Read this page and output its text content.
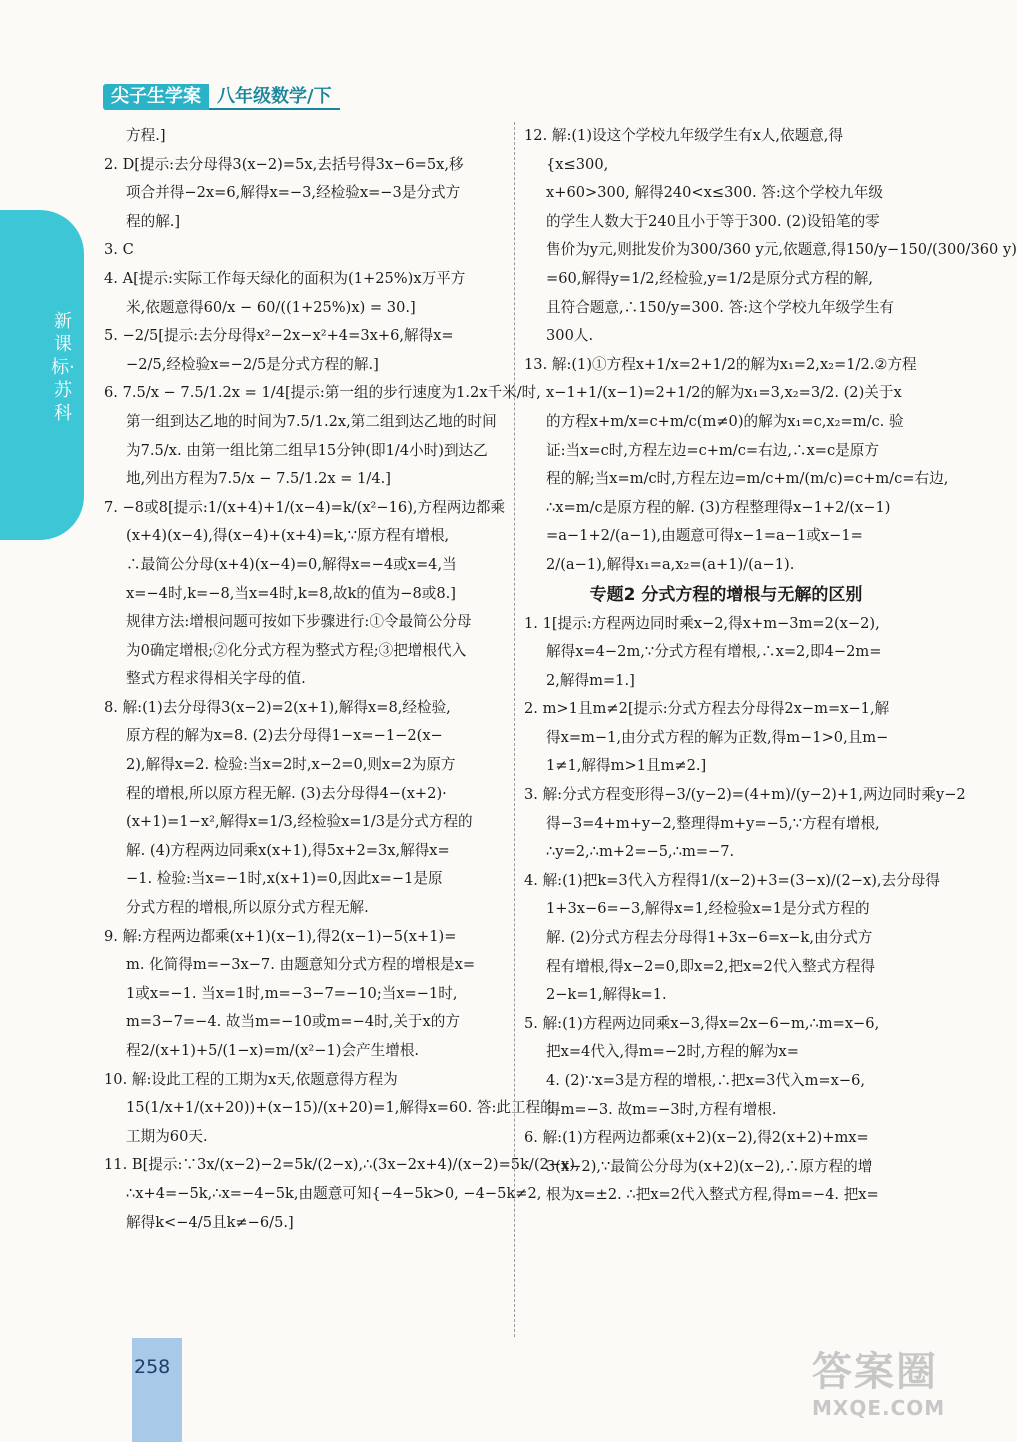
新课标·苏科
尖子生学案 八年级数学/下
方程.]
2. D[提示:去分母得3(x−2)=5x,去括号得3x−6=5x,移
项合并得−2x=6,解得x=−3,经检验x=−3是分式方
程的解.]
3. C
4. A[提示:实际工作每天绿化的面积为(1+25%)x万平方
米,依题意得60/x − 60/((1+25%)x) = 30.]
5. −2/5[提示:去分母得x²−2x−x²+4=3x+6,解得x=
−2/5,经检验x=−2/5是分式方程的解.]
6. 7.5/x − 7.5/1.2x = 1/4[提示:第一组的步行速度为1.2x千米/时,
第一组到达乙地的时间为7.5/1.2x,第二组到达乙地的时间
为7.5/x. 由第一组比第二组早15分钟(即1/4小时)到达乙
地,列出方程为7.5/x − 7.5/1.2x = 1/4.]
7. −8或8[提示:1/(x+4)+1/(x−4)=k/(x²−16),方程两边都乘
(x+4)(x−4),得(x−4)+(x+4)=k,∵原方程有增根,
∴最简公分母(x+4)(x−4)=0,解得x=−4或x=4,当
x=−4时,k=−8,当x=4时,k=8,故k的值为−8或8.]
规律方法:增根问题可按如下步骤进行:①令最简公分母
为0确定增根;②化分式方程为整式方程;③把增根代入
整式方程求得相关字母的值.
8. 解:(1)去分母得3(x−2)=2(x+1),解得x=8,经检验,
原方程的解为x=8. (2)去分母得1−x=−1−2(x−
2),解得x=2. 检验:当x=2时,x−2=0,则x=2为原方
程的增根,所以原方程无解. (3)去分母得4−(x+2)·
(x+1)=1−x²,解得x=1/3,经检验x=1/3是分式方程的
解. (4)方程两边同乘x(x+1),得5x+2=3x,解得x=
−1. 检验:当x=−1时,x(x+1)=0,因此x=−1是原
分式方程的增根,所以原分式方程无解.
9. 解:方程两边都乘(x+1)(x−1),得2(x−1)−5(x+1)=
m. 化简得m=−3x−7. 由题意知分式方程的增根是x=
1或x=−1. 当x=1时,m=−3−7=−10;当x=−1时,
m=3−7=−4. 故当m=−10或m=−4时,关于x的方
程2/(x+1)+5/(1−x)=m/(x²−1)会产生增根.
10. 解:设此工程的工期为x天,依题意得方程为
15(1/x+1/(x+20))+(x−15)/(x+20)=1,解得x=60. 答:此工程的
工期为60天.
11. B[提示:∵3x/(x−2)−2=5k/(2−x),∴(3x−2x+4)/(x−2)=5k/(2−x),
∴x+4=−5k,∴x=−4−5k,由题意可知{−4−5k>0, −4−5k≠2,
解得k<−4/5且k≠−6/5.]
12. 解:(1)设这个学校九年级学生有x人,依题意,得
{x≤300,
x+60>300, 解得240<x≤300. 答:这个学校九年级
的学生人数大于240且小于等于300. (2)设铅笔的零
售价为y元,则批发价为300/360 y元,依题意,得150/y−150/(300/360 y)
=60,解得y=1/2,经检验,y=1/2是原分式方程的解,
且符合题意,∴150/y=300. 答:这个学校九年级学生有
300人.
13. 解:(1)①方程x+1/x=2+1/2的解为x₁=2,x₂=1/2.②方程
x−1+1/(x−1)=2+1/2的解为x₁=3,x₂=3/2. (2)关于x
的方程x+m/x=c+m/c(m≠0)的解为x₁=c,x₂=m/c. 验
证:当x=c时,方程左边=c+m/c=右边,∴x=c是原方
程的解;当x=m/c时,方程左边=m/c+m/(m/c)=c+m/c=右边,
∴x=m/c是原方程的解. (3)方程整理得x−1+2/(x−1)
=a−1+2/(a−1),由题意可得x−1=a−1或x−1=
2/(a−1),解得x₁=a,x₂=(a+1)/(a−1).
专题2 分式方程的增根与无解的区别
1. 1[提示:方程两边同时乘x−2,得x+m−3m=2(x−2),
解得x=4−2m,∵分式方程有增根,∴x=2,即4−2m=
2,解得m=1.]
2. m>1且m≠2[提示:分式方程去分母得2x−m=x−1,解
得x=m−1,由分式方程的解为正数,得m−1>0,且m−
1≠1,解得m>1且m≠2.]
3. 解:分式方程变形得−3/(y−2)=(4+m)/(y−2)+1,两边同时乘y−2
得−3=4+m+y−2,整理得m+y=−5,∵方程有增根,
∴y=2,∴m+2=−5,∴m=−7.
4. 解:(1)把k=3代入方程得1/(x−2)+3=(3−x)/(2−x),去分母得
1+3x−6=−3,解得x=1,经检验x=1是分式方程的
解. (2)分式方程去分母得1+3x−6=x−k,由分式方
程有增根,得x−2=0,即x=2,把x=2代入整式方程得
2−k=1,解得k=1.
5. 解:(1)方程两边同乘x−3,得x=2x−6−m,∴m=x−6,
把x=4代入,得m=−2时,方程的解为x=
4. (2)∵x=3是方程的增根,∴把x=3代入m=x−6,
得m=−3. 故m=−3时,方程有增根.
6. 解:(1)方程两边都乘(x+2)(x−2),得2(x+2)+mx=
3(x−2),∵最简公分母为(x+2)(x−2),∴原方程的增
根为x=±2. ∴把x=2代入整式方程,得m=−4. 把x=
258	答案圈
MXQE.COM
